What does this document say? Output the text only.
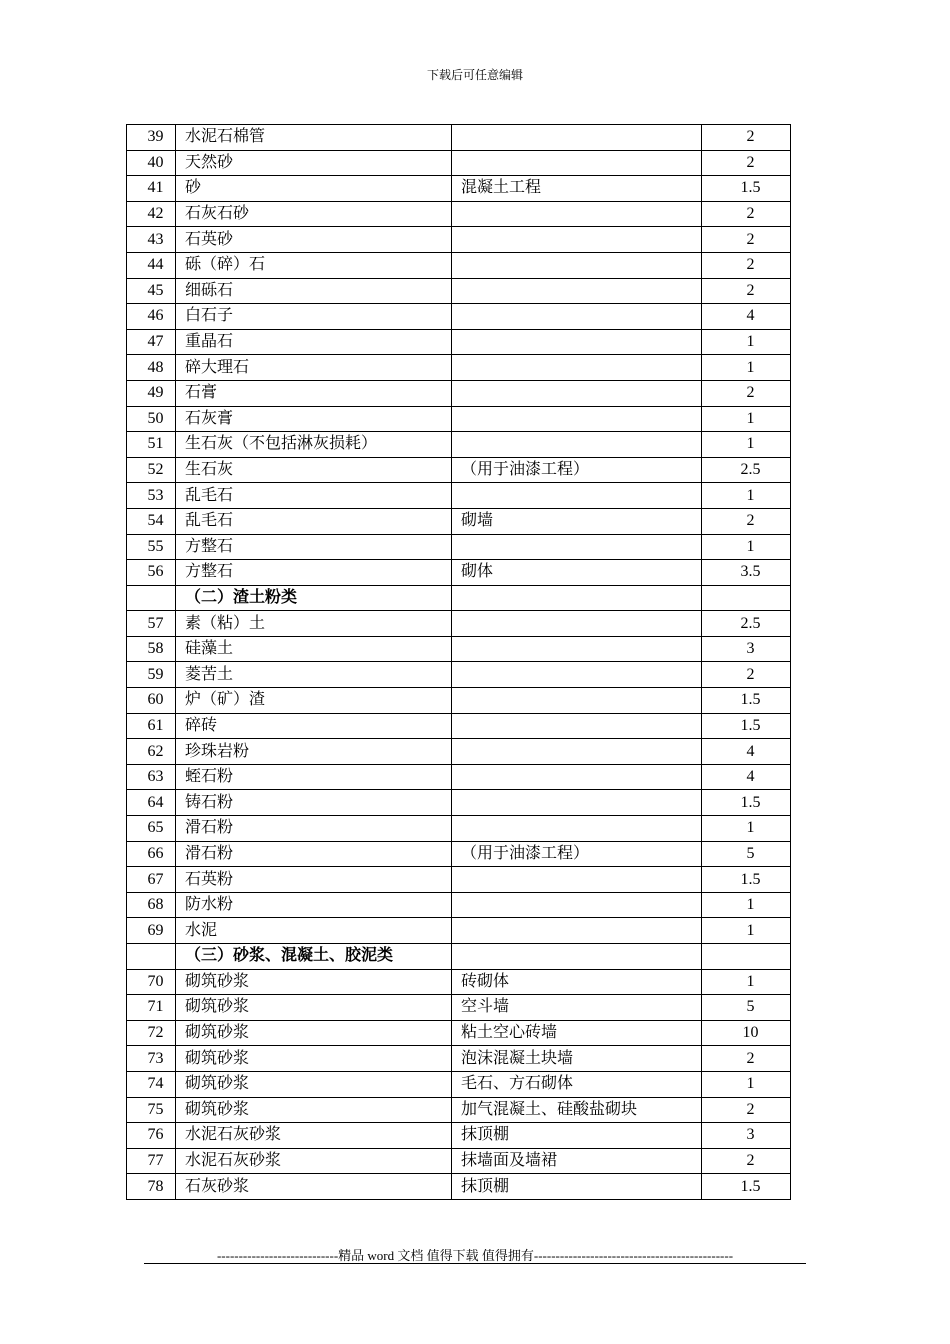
下载后可任意编辑
39	水泥石棉管		2
40	天然砂		2
41	砂	混凝土工程	1.5
42	石灰石砂		2
43	石英砂		2
44	砾（碎）石		2
45	细砾石		2
46	白石子		4
47	重晶石		1
48	碎大理石		1
49	石膏		2
50	石灰膏		1
51	生石灰（不包括淋灰损耗）		1
52	生石灰	（用于油漆工程）	2.5
53	乱毛石		1
54	乱毛石	砌墙	2
55	方整石		1
56	方整石	砌体	3.5
	（二）渣土粉类		
57	素（粘）土		2.5
58	硅藻土		3
59	菱苦土		2
60	炉（矿）渣		1.5
61	碎砖		1.5
62	珍珠岩粉		4
63	蛭石粉		4
64	铸石粉		1.5
65	滑石粉		1
66	滑石粉	（用于油漆工程）	5
67	石英粉		1.5
68	防水粉		1
69	水泥		1
	（三）砂浆、混凝土、胶泥类		
70	砌筑砂浆	砖砌体	1
71	砌筑砂浆	空斗墙	5
72	砌筑砂浆	粘土空心砖墙	10
73	砌筑砂浆	泡沫混凝土块墙	2
74	砌筑砂浆	毛石、方石砌体	1
75	砌筑砂浆	加气混凝土、硅酸盐砌块	2
76	水泥石灰砂浆	抹顶棚	3
77	水泥石灰砂浆	抹墙面及墙裙	2
78	石灰砂浆	抹顶棚	1.5
----------------------------精品 word 文档 值得下载 值得拥有----------------------------------------------
